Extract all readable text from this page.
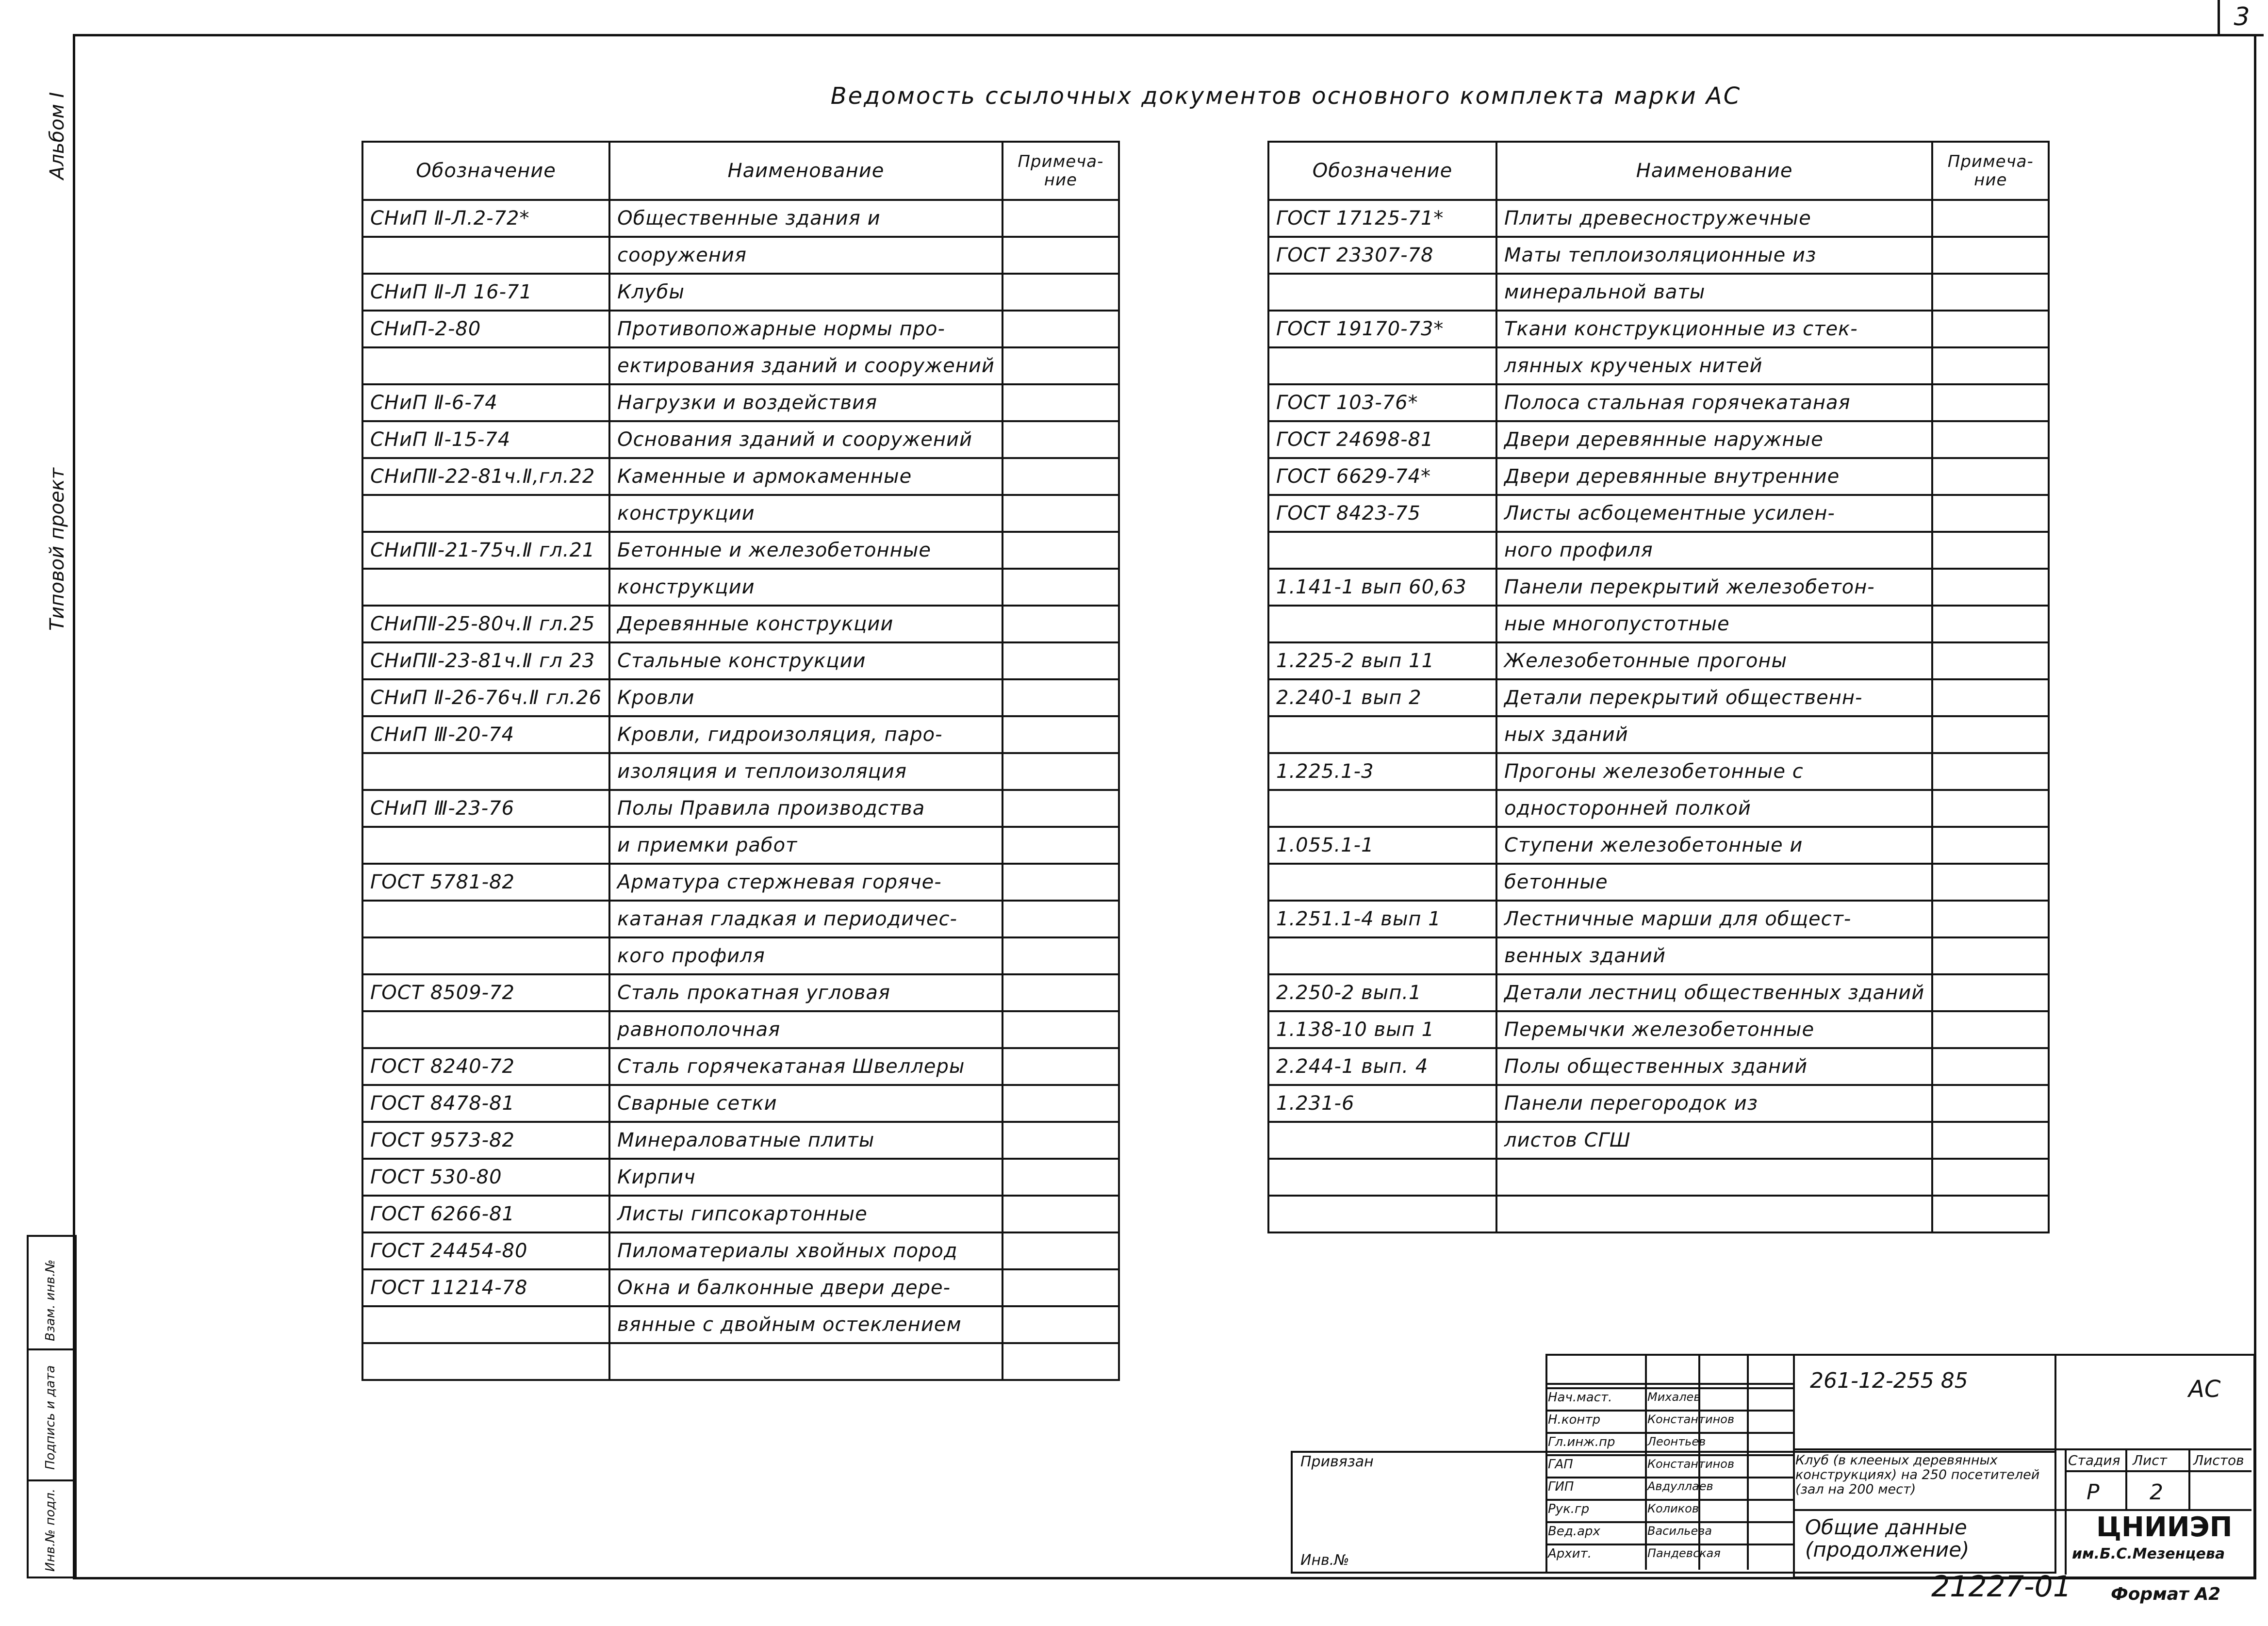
3
Альбом I
Типовой проект
Инв.№ подл.
Подпись и дата
Взам. инв.№
Ведомость ссылочных документов основного комплекта марки АС
Обозначение	Наименование	Примеча-
ние
СНиП Ⅱ-Л.2-72*	Общественные здания и	
	сооружения	
СНиП Ⅱ-Л 16-71	Клубы	
СНиП-2-80	Противопожарные нормы про-	
	ектирования зданий и сооружений	
СНиП Ⅱ-6-74	Нагрузки и воздействия	
СНиП Ⅱ-15-74	Основания зданий и сооружений	
СНиПⅡ-22-81ч.Ⅱ,гл.22	Каменные и армокаменные	
	конструкции	
СНиПⅡ-21-75ч.Ⅱ гл.21	Бетонные и железобетонные	
	конструкции	
СНиПⅡ-25-80ч.Ⅱ гл.25	Деревянные конструкции	
СНиПⅡ-23-81ч.Ⅱ гл 23	Стальные конструкции	
СНиП Ⅱ-26-76ч.Ⅱ гл.26	Кровли	
СНиП Ⅲ-20-74	Кровли, гидроизоляция, паро-	
	изоляция и теплоизоляция	
СНиП Ⅲ-23-76	Полы Правила производства	
	и приемки работ	
ГОСТ 5781-82	Арматура стержневая горяче-	
	катаная гладкая и периодичес-	
	кого профиля	
ГОСТ 8509-72	Сталь прокатная угловая	
	равнополочная	
ГОСТ 8240-72	Сталь горячекатаная Швеллеры	
ГОСТ 8478-81	Сварные сетки	
ГОСТ 9573-82	Минераловатные плиты	
ГОСТ 530-80	Кирпич	
ГОСТ 6266-81	Листы гипсокартонные	
ГОСТ 24454-80	Пиломатериалы хвойных пород	
ГОСТ 11214-78	Окна и балконные двери дере-	
	вянные с двойным остеклением	

Обозначение	Наименование	Примеча-
ние
ГОСТ 17125-71*	Плиты древесностружечные	
ГОСТ 23307-78	Маты теплоизоляционные из	
	минеральной ваты	
ГОСТ 19170-73*	Ткани конструкционные из стек-	
	лянных крученых нитей	
ГОСТ 103-76*	Полоса стальная горячекатаная	
ГОСТ 24698-81	Двери деревянные наружные	
ГОСТ 6629-74*	Двери деревянные внутренние	
ГОСТ 8423-75	Листы асбоцементные усилен-	
	ного профиля	
1.141-1 вып 60,63	Панели перекрытий железобетон-	
	ные многопустотные	
1.225-2 вып 11	Железобетонные прогоны	
2.240-1 вып 2	Детали перекрытий общественн-	
	ных зданий	
1.225.1-3	Прогоны железобетонные с	
	односторонней полкой	
1.055.1-1	Ступени железобетонные и	
	бетонные	
1.251.1-4 вып 1	Лестничные марши для общест-	
	венных зданий	
2.250-2 вып.1	Детали лестниц общественных зданий	
1.138-10 вып 1	Перемычки железобетонные	
2.244-1 вып. 4	Полы общественных зданий	
1.231-6	Панели перегородок из	
	листов СГШ	

Привязан
Инв.№
Нач.маст.	Михалев
Н.контр	Константинов
Гл.инж.пр	Леонтьев
ГАП	Константинов
ГИП	Авдуллаев
Рук.гр	Коликов
Вед.арх	Васильева
Архит.	Пандевская
261-12-255 85	АС
Клуб (в клееных деревянных конструкциях) на 250 посетителей (зал на 200 мест)
Стадия Лист Листов
Р 2
Общие данные (продолжение)
ЦНИИЭП
им.Б.С.Мезенцева
21227-01 Формат А2
